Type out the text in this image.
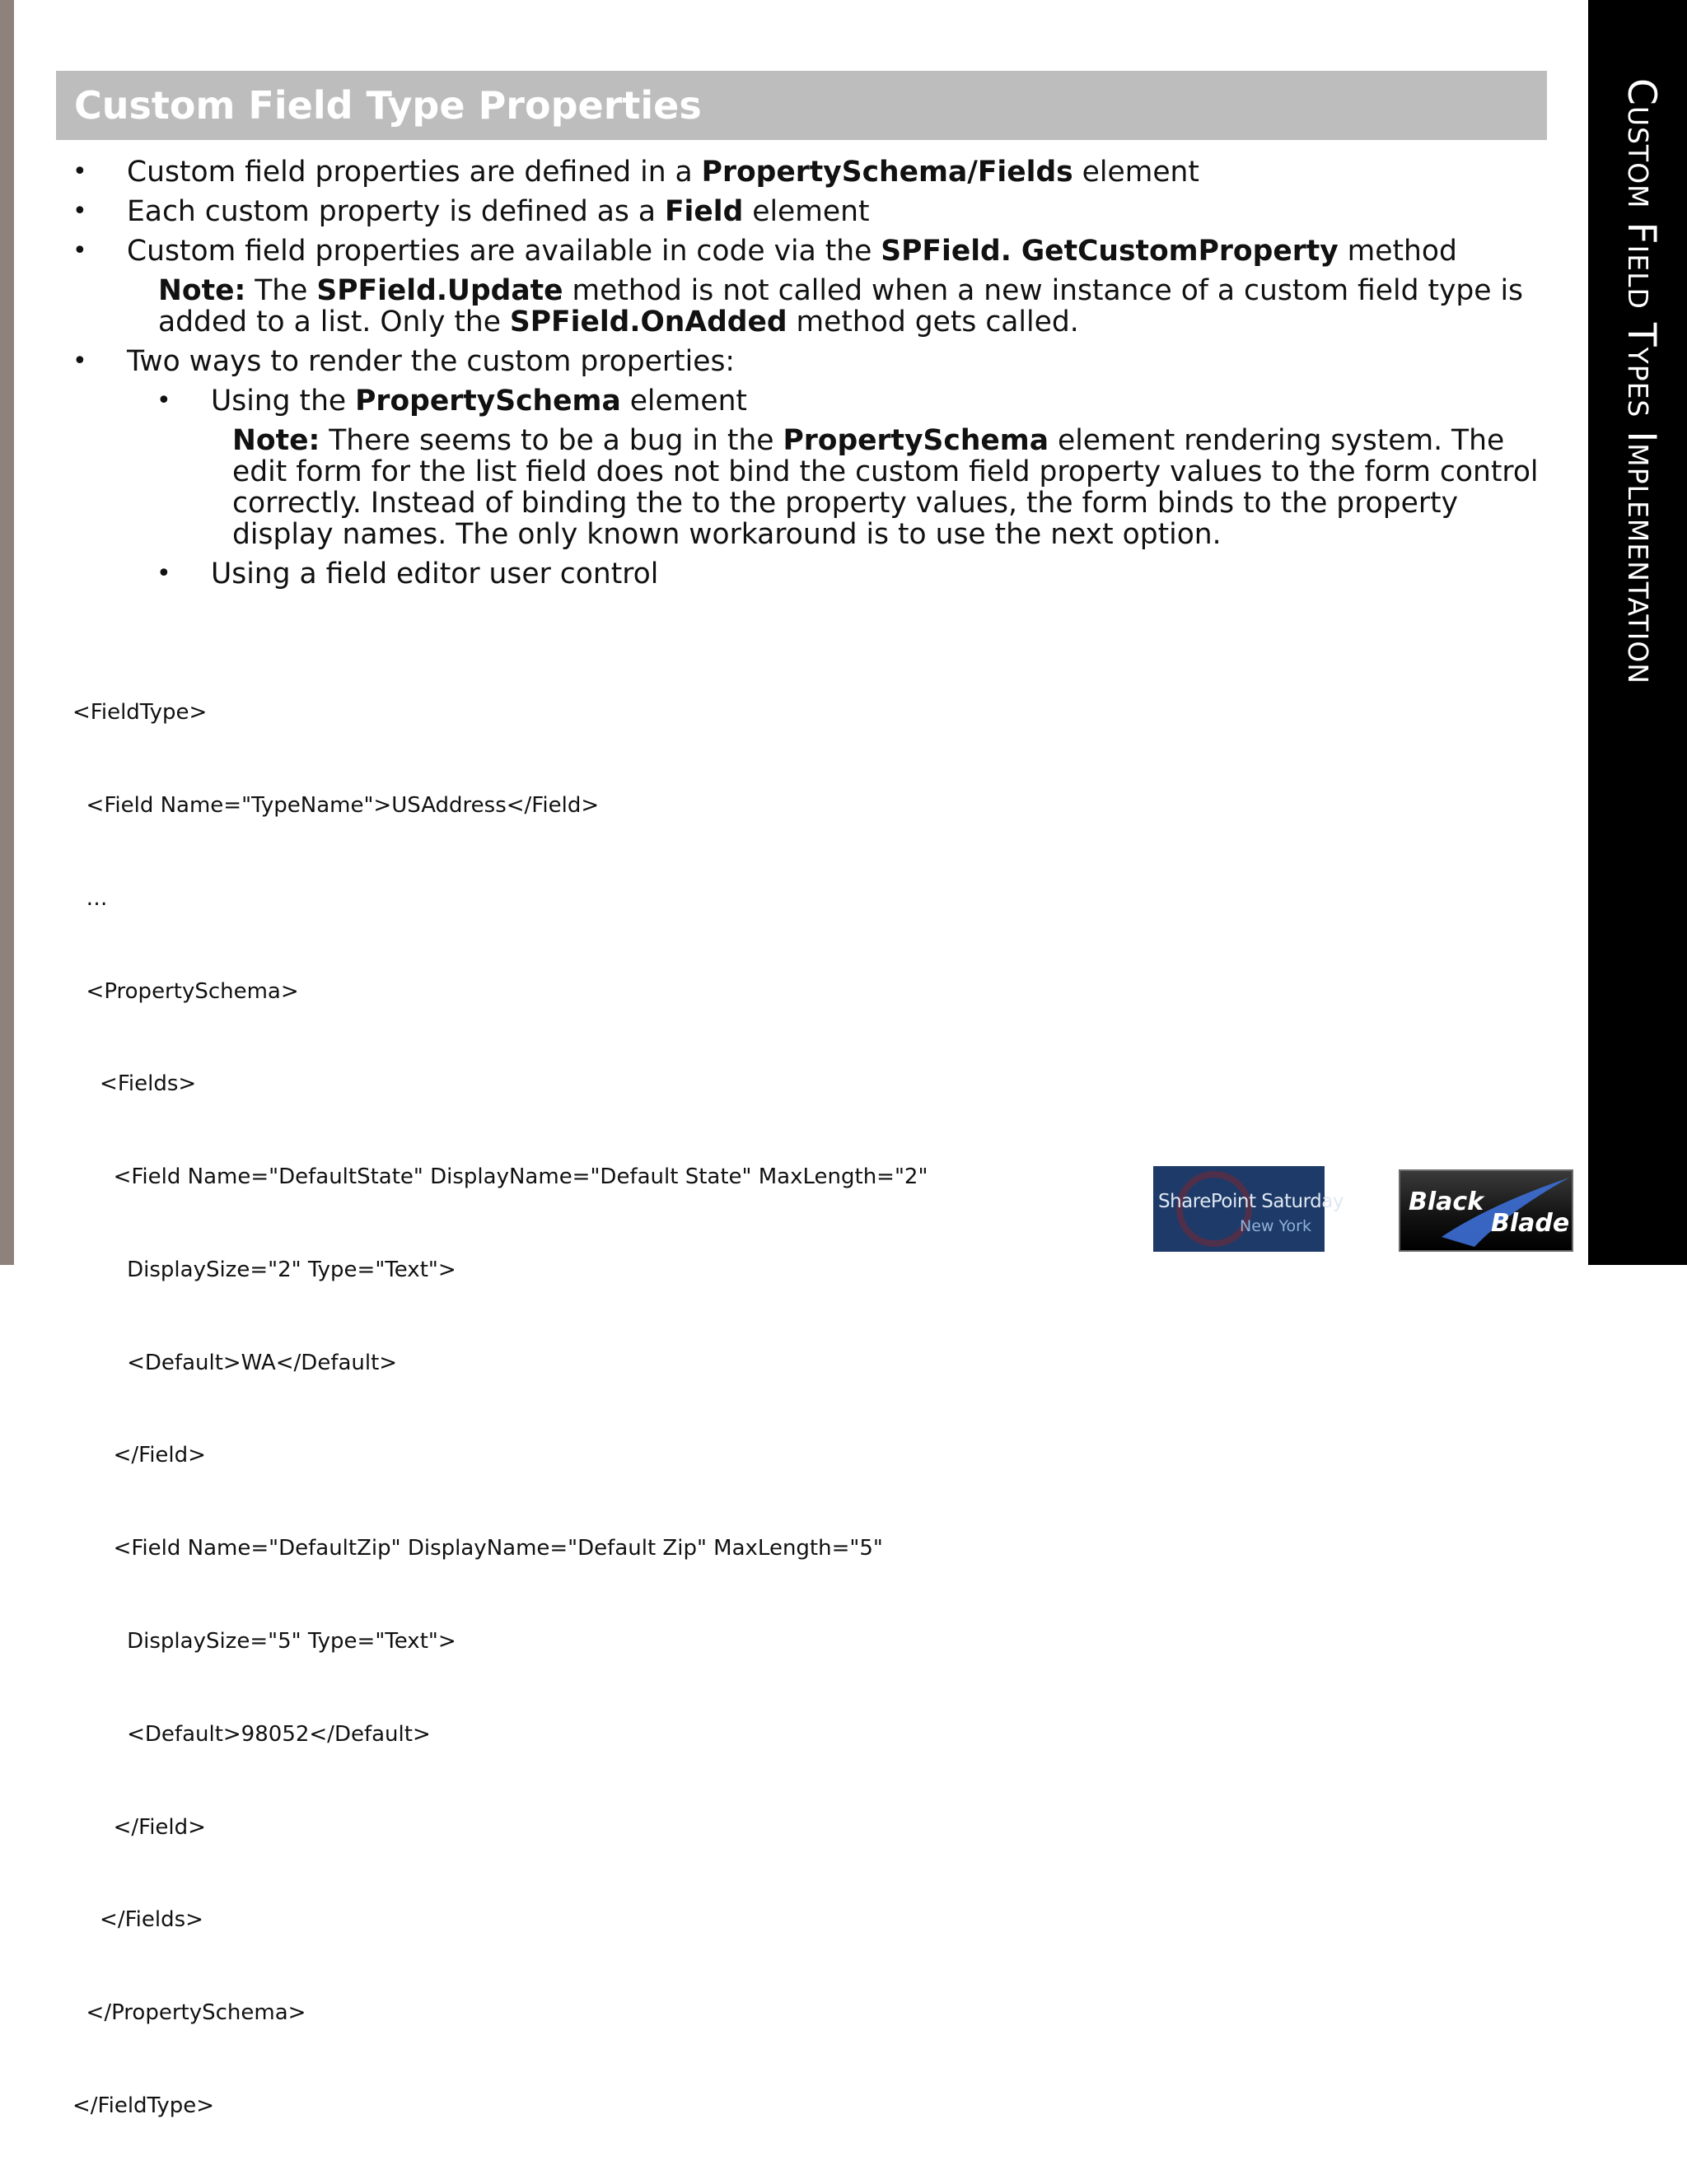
Custom Field Types Implementation
Custom Field Type Properties
• Custom field properties are defined in a PropertySchema/Fields element
• Each custom property is defined as a Field element
• Custom field properties are available in code via the SPField. GetCustomProperty method
Note: The SPField.Update method is not called when a new instance of a custom field type is added to a list. Only the SPField.OnAdded method gets called.
• Two ways to render the custom properties:
• Using the PropertySchema element
Note: There seems to be a bug in the PropertySchema element rendering system. The edit form for the list field does not bind the custom field property values to the form control correctly. Instead of binding the to the property values, the form binds to the property display names. The only known workaround is to use the next option.
• Using a field editor user control

<FieldType>

<Field Name="TypeName">USAddress</Field>

…

<PropertySchema>

<Fields>

<Field Name="DefaultState" DisplayName="Default State" MaxLength="2"

DisplaySize="2" Type="Text">

<Default>WA</Default>

</Field>

<Field Name="DefaultZip" DisplayName="Default Zip" MaxLength="5"

DisplaySize="5" Type="Text">

<Default>98052</Default>

</Field>

</Fields>

</PropertySchema>

</FieldType>

SharePoint Saturday
New York
Black
Blade
